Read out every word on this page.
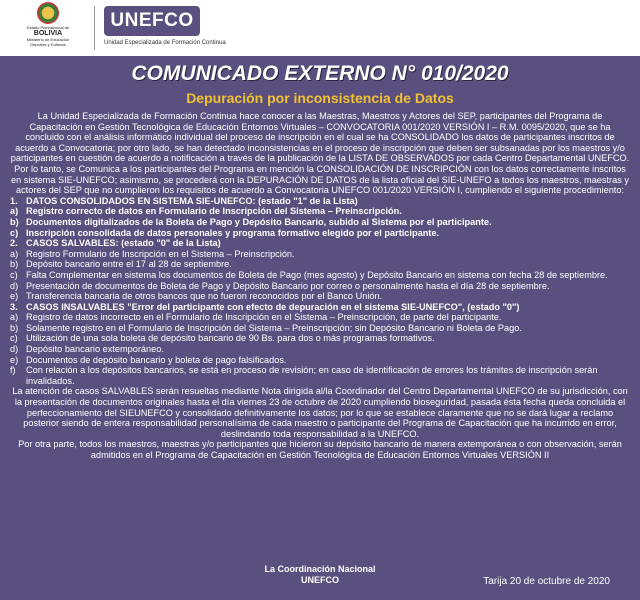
Estado Plurinacional de
BOLIVIA
Ministerio de Educación
Deportes y Culturas
UNEFCO
Unidad Especializada de Formación Continua
COMUNICADO EXTERNO N° 010/2020
Depuración por inconsistencia de Datos

La Unidad Especializada de Formación Continua hace conocer a las Maestras, Maestros y Actores del SEP, participantes del Programa de Capacitación en Gestión Tecnológica de Educación Entornos Virtuales – CONVOCATORIA 001/2020 VERSIÓN I – R.M. 0095/2020, que se ha concluido con el análisis informático individual del proceso de inscripción en el cual se ha CONSOLIDADO los datos de participantes inscritos de acuerdo a Convocatoria; por otro lado, se han detectado inconsistencias en el proceso de inscripción que deben ser subsanadas por los maestros y/o participantes en cuestión de acuerdo a notificación a través de la publicación de la LISTA DE OBSERVADOS por cada Centro Departamental UNEFCO.

Por lo tanto, se Comunica a los participantes del Programa en mención la CONSOLIDACIÓN DE INSCRIPCIÓN con los datos correctamente inscritos en sistema SIE-UNEFCO; asimismo, se procederá con la DEPURACIÓN DE DATOS de la lista oficial del SIE-UNEFO a todos los maestros, maestras y actores del SEP que no cumplieron los requisitos de acuerdo a Convocatoria UNEFCO 001/2020 VERSIÓN I, cumpliendo el siguiente procedimiento:

1. DATOS CONSOLIDADOS EN SISTEMA SIE-UNEFCO: (estado "1" de la Lista)
a) Registro correcto de datos en Formulario de Inscripción del Sistema – Preinscripción.
b) Documentos digitalizados de la Boleta de Pago y Depósito Bancario, subido al Sistema por el participante.
c) Inscripción consolidada de datos personales y programa formativo elegido por el participante.
2. CASOS SALVABLES: (estado "0" de la Lista)
a) Registro Formulario de Inscripción en el Sistema – Preinscripción.
b) Depósito bancario entre el 17 al 28 de septiembre.
c) Falta Complementar en sistema los documentos de Boleta de Pago (mes agosto) y Depósito Bancario en sistema con fecha 28 de septiembre.
d) Presentación de documentos de Boleta de Pago y Depósito Bancario por correo o personalmente hasta el día 28 de septiembre.
e) Transferencia bancaria de otros bancos que no fueron reconocidos por el Banco Unión.
3. CASOS INSALVABLES "Error del participante con efecto de depuración en el sistema SIE-UNEFCO", (estado "0")
a) Registro de datos incorrecto en el Formulario de Inscripción en el Sistema – Preinscripción, de parte del participante.
b) Solamente registro en el Formulario de Inscripción del Sistema – Preinscripción; sin Depósito Bancario ni Boleta de Pago.
c) Utilización de una sola boleta de depósito bancario de 90 Bs. para dos o más programas formativos.
d) Depósito bancario extemporáneo.
e) Documentos de depósito bancario y boleta de pago falsificados.
f)	Con relación a los depósitos bancarios, se está en proceso de revisión; en caso de identificación de errores los trámites de inscripción serán invalidados.

La atención de casos SALVABLES serán resueltas mediante Nota dirigida al/la Coordinador del Centro Departamental UNEFCO de su jurisdicción, con la presentación de documentos originales hasta el día viernes 23 de octubre de 2020 cumpliendo bioseguridad, pasada ésta fecha queda concluida el perfeccionamiento del SIEUNEFCO y consolidado definitivamente los datos; por lo que se establece claramente que no se dará lugar a reclamo posterior siendo de entera responsabilidad personalísima de cada maestro o participante del Programa de Capacitación que ha incurrido en error, deslindando toda responsabilidad a la UNEFCO.

Por otra parte, todos los maestros, maestras y/o participantes que hicieron su depósito bancario de manera extemporánea o con observación, serán admitidos en el Programa de Capacitación en Gestión Tecnológica de Educación Entornos Virtuales VERSIÓN II

La Coordinación Nacional
UNEFCO	Tarija 20 de octubre de 2020
